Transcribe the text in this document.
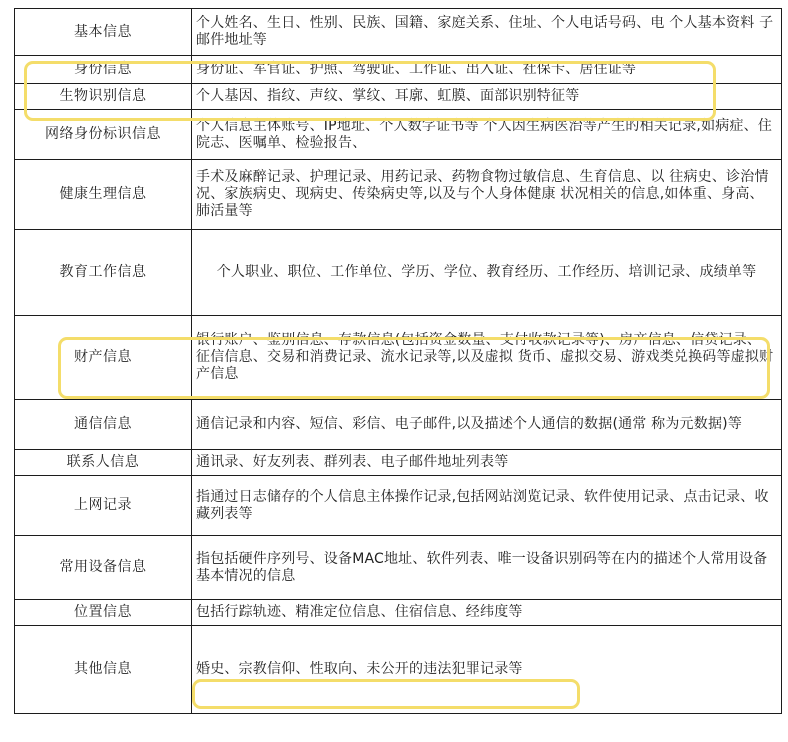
基本信息	个人姓名、生日、性别、民族、国籍、家庭关系、住址、个人电话号码、电 个人基本资料 子邮件地址等
身份信息	身份证、军官证、护照、驾驶证、工作证、出入证、社保卡、居住证等
生物识别信息	个人基因、指纹、声纹、掌纹、耳廓、虹膜、面部识别特征等
网络身份标识信息	个人信息主体账号、IP地址、个人数字证书等 个人因生病医治等产生的相关记录,如病症、住院志、医嘱单、检验报告、
健康生理信息	手术及麻醉记录、护理记录、用药记录、药物食物过敏信息、生育信息、以 往病史、诊治情况、家族病史、现病史、传染病史等,以及与个人身体健康 状况相关的信息,如体重、身高、肺活量等
教育工作信息	个人职业、职位、工作单位、学历、学位、教育经历、工作经历、培训记录、成绩单等
财产信息	银行账户、鉴别信息、存款信息(包括资金数量、支付收款记录等)、房产信息、信贷记录、征信信息、交易和消费记录、流水记录等,以及虚拟 货币、虚拟交易、游戏类兑换码等虚拟财产信息
通信信息	通信记录和内容、短信、彩信、电子邮件,以及描述个人通信的数据(通常 称为元数据)等
联系人信息	通讯录、好友列表、群列表、电子邮件地址列表等
上网记录	指通过日志储存的个人信息主体操作记录,包括网站浏览记录、软件使用记录、点击记录、收藏列表等
常用设备信息	指包括硬件序列号、设备MAC地址、软件列表、唯一设备识别码等在内的描述个人常用设备基本情况的信息
位置信息	包括行踪轨迹、精准定位信息、住宿信息、经纬度等
其他信息	婚史、宗教信仰、性取向、未公开的违法犯罪记录等
